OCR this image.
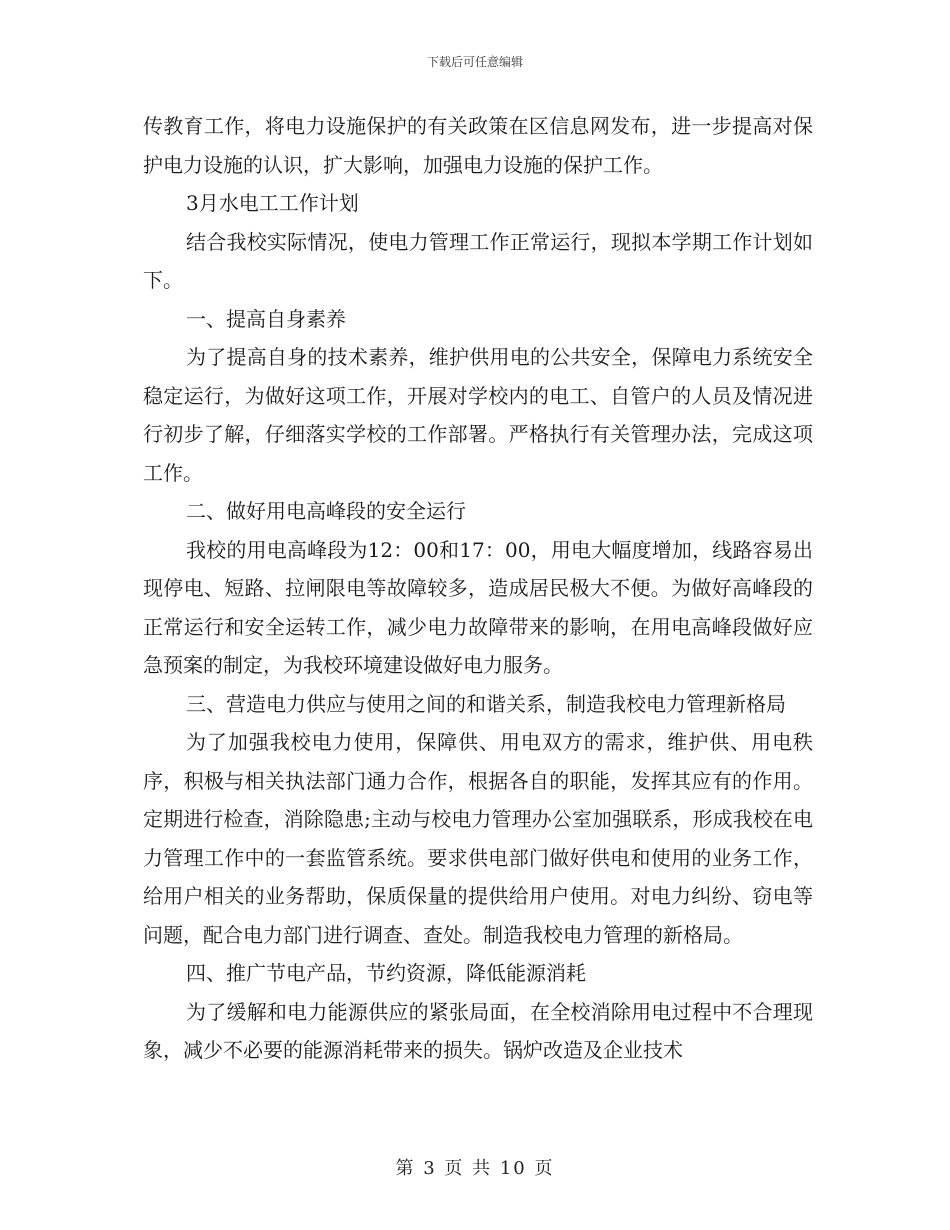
下载后可任意编辑

传教育工作，将电力设施保护的有关政策在区信息网发布，进一步提高对保护电力设施的认识，扩大影响，加强电力设施的保护工作。

3月水电工工作计划

结合我校实际情况，使电力管理工作正常运行，现拟本学期工作计划如下。

一、提高自身素养

为了提高自身的技术素养，维护供用电的公共安全，保障电力系统安全稳定运行，为做好这项工作，开展对学校内的电工、自管户的人员及情况进行初步了解，仔细落实学校的工作部署。严格执行有关管理办法，完成这项工作。

二、做好用电高峰段的安全运行

我校的用电高峰段为12：00和17：00，用电大幅度增加，线路容易出现停电、短路、拉闸限电等故障较多，造成居民极大不便。为做好高峰段的正常运行和安全运转工作，减少电力故障带来的影响，在用电高峰段做好应急预案的制定，为我校环境建设做好电力服务。

三、营造电力供应与使用之间的和谐关系，制造我校电力管理新格局

为了加强我校电力使用，保障供、用电双方的需求，维护供、用电秩序，积极与相关执法部门通力合作，根据各自的职能，发挥其应有的作用。定期进行检查，消除隐患;主动与校电力管理办公室加强联系，形成我校在电力管理工作中的一套监管系统。要求供电部门做好供电和使用的业务工作，给用户相关的业务帮助，保质保量的提供给用户使用。对电力纠纷、窃电等问题，配合电力部门进行调查、查处。制造我校电力管理的新格局。

四、推广节电产品，节约资源，降低能源消耗

为了缓解和电力能源供应的紧张局面，在全校消除用电过程中不合理现象，减少不必要的能源消耗带来的损失。锅炉改造及企业技术

第 3 页 共 10 页
